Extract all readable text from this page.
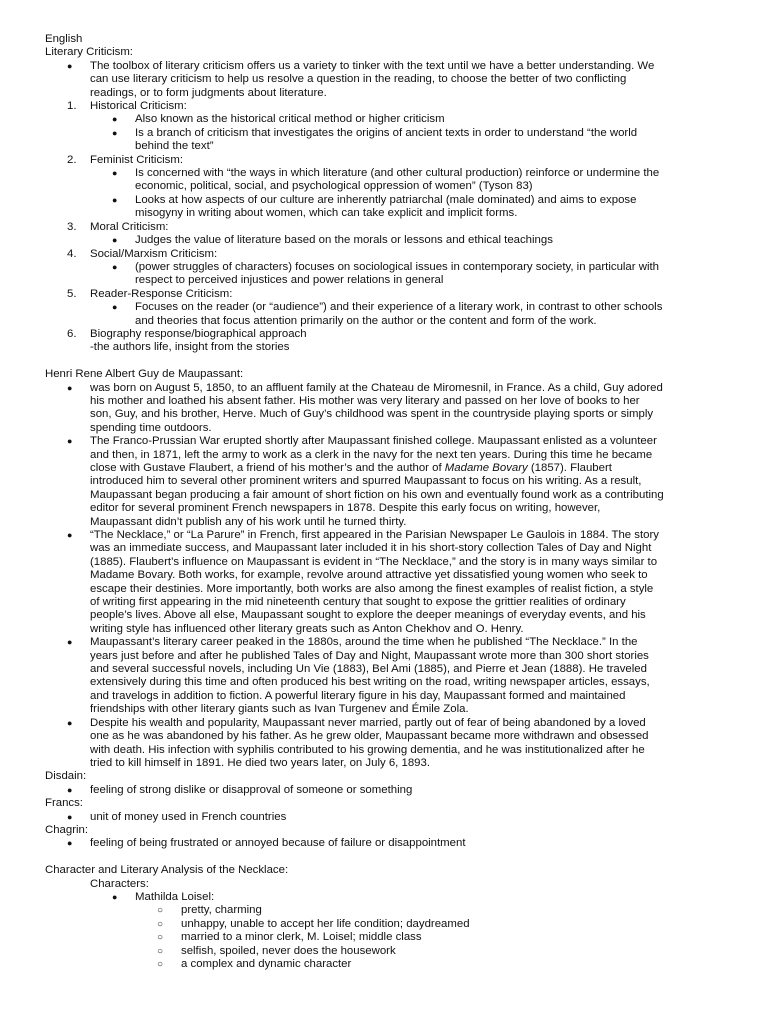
English
Literary Criticism:
● The toolbox of literary criticism offers us a variety to tinker with the text until we have a better understanding. We
can use literary criticism to help us resolve a question in the reading, to choose the better of two conflicting
readings, or to form judgments about literature.
1. Historical Criticism:
● Also known as the historical critical method or higher criticism
● Is a branch of criticism that investigates the origins of ancient texts in order to understand “the world
behind the text”
2. Feminist Criticism:
● Is concerned with “the ways in which literature (and other cultural production) reinforce or undermine the
economic, political, social, and psychological oppression of women” (Tyson 83)
● Looks at how aspects of our culture are inherently patriarchal (male dominated) and aims to expose
misogyny in writing about women, which can take explicit and implicit forms.
3. Moral Criticism:
● Judges the value of literature based on the morals or lessons and ethical teachings
4. Social/Marxism Criticism:
● (power struggles of characters) focuses on sociological issues in contemporary society, in particular with
respect to perceived injustices and power relations in general
5. Reader-Response Criticism:
● Focuses on the reader (or “audience”) and their experience of a literary work, in contrast to other schools
and theories that focus attention primarily on the author or the content and form of the work.
6. Biography response/biographical approach
-the authors life, insight from the stories
Henri Rene Albert Guy de Maupassant:
● was born on August 5, 1850, to an affluent family at the Chateau de Miromesnil, in France. As a child, Guy adored
his mother and loathed his absent father. His mother was very literary and passed on her love of books to her
son, Guy, and his brother, Herve. Much of Guy’s childhood was spent in the countryside playing sports or simply
spending time outdoors.
● The Franco-Prussian War erupted shortly after Maupassant finished college. Maupassant enlisted as a volunteer
and then, in 1871, left the army to work as a clerk in the navy for the next ten years. During this time he became
close with Gustave Flaubert, a friend of his mother’s and the author of Madame Bovary (1857). Flaubert
introduced him to several other prominent writers and spurred Maupassant to focus on his writing. As a result,
Maupassant began producing a fair amount of short fiction on his own and eventually found work as a contributing
editor for several prominent French newspapers in 1878. Despite this early focus on writing, however,
Maupassant didn’t publish any of his work until he turned thirty.
● “The Necklace,” or “La Parure” in French, first appeared in the Parisian Newspaper Le Gaulois in 1884. The story
was an immediate success, and Maupassant later included it in his short-story collection Tales of Day and Night
(1885). Flaubert’s influence on Maupassant is evident in “The Necklace,” and the story is in many ways similar to
Madame Bovary. Both works, for example, revolve around attractive yet dissatisfied young women who seek to
escape their destinies. More importantly, both works are also among the finest examples of realist fiction, a style
of writing first appearing in the mid nineteenth century that sought to expose the grittier realities of ordinary
people’s lives. Above all else, Maupassant sought to explore the deeper meanings of everyday events, and his
writing style has influenced other literary greats such as Anton Chekhov and O. Henry.
● Maupassant’s literary career peaked in the 1880s, around the time when he published “The Necklace.” In the
years just before and after he published Tales of Day and Night, Maupassant wrote more than 300 short stories
and several successful novels, including Un Vie (1883), Bel Ami (1885), and Pierre et Jean (1888). He traveled
extensively during this time and often produced his best writing on the road, writing newspaper articles, essays,
and travelogs in addition to fiction. A powerful literary figure in his day, Maupassant formed and maintained
friendships with other literary giants such as Ivan Turgenev and Émile Zola.
● Despite his wealth and popularity, Maupassant never married, partly out of fear of being abandoned by a loved
one as he was abandoned by his father. As he grew older, Maupassant became more withdrawn and obsessed
with death. His infection with syphilis contributed to his growing dementia, and he was institutionalized after he
tried to kill himself in 1891. He died two years later, on July 6, 1893.
Disdain:
● feeling of strong dislike or disapproval of someone or something
Francs:
● unit of money used in French countries
Chagrin:
● feeling of being frustrated or annoyed because of failure or disappointment
Character and Literary Analysis of the Necklace:
Characters:
● Mathilda Loisel:
○ pretty, charming
○ unhappy, unable to accept her life condition; daydreamed
○ married to a minor clerk, M. Loisel; middle class
○ selfish, spoiled, never does the housework
○ a complex and dynamic character
